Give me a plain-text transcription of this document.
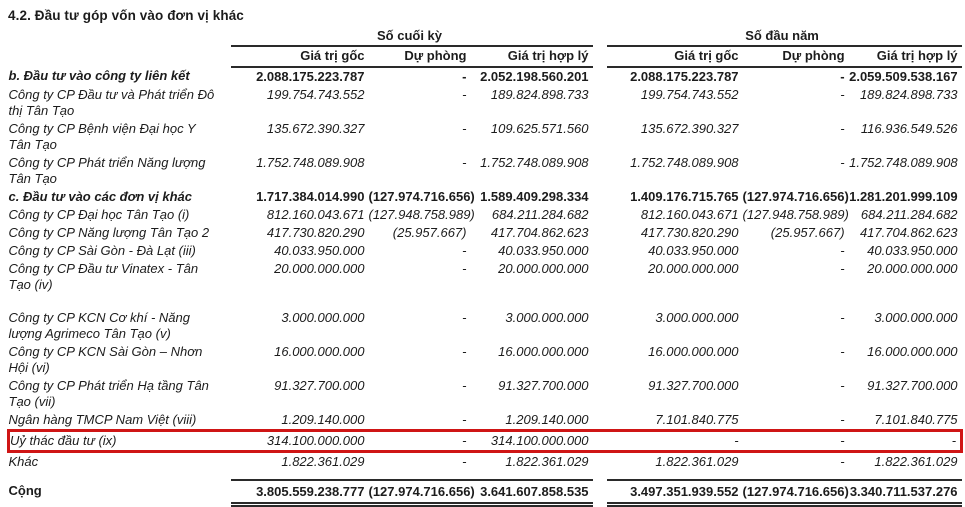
4.2. Đầu tư góp vốn vào đơn vị khác
	Số cuối kỳ				Số đầu năm		
	Giá trị gốc	Dự phòng	Giá trị hợp lý		Giá trị gốc	Dự phòng	Giá trị hợp lý
b. Đầu tư vào công ty liên kết	2.088.175.223.787	-	2.052.198.560.201		2.088.175.223.787	-	2.059.509.538.167
Công ty CP Đầu tư và Phát triển Đô thị Tân Tạo	199.754.743.552	-	189.824.898.733		199.754.743.552	-	189.824.898.733
Công ty CP Bệnh viện Đại học Y Tân Tạo	135.672.390.327	-	109.625.571.560		135.672.390.327	-	116.936.549.526
Công ty CP Phát triển Năng lượng Tân Tạo	1.752.748.089.908	-	1.752.748.089.908		1.752.748.089.908	-	1.752.748.089.908
c. Đầu tư vào các đơn vị khác	1.717.384.014.990	(127.974.716.656)	1.589.409.298.334		1.409.176.715.765	(127.974.716.656)	1.281.201.999.109
Công ty CP Đại học Tân Tạo (i)	812.160.043.671	(127.948.758.989)	684.211.284.682		812.160.043.671	(127.948.758.989)	684.211.284.682
Công ty CP Năng lượng Tân Tạo 2	417.730.820.290	(25.957.667)	417.704.862.623		417.730.820.290	(25.957.667)	417.704.862.623
Công ty CP Sài Gòn - Đà Lạt (iii)	40.033.950.000	-	40.033.950.000		40.033.950.000	-	40.033.950.000
Công ty CP Đầu tư Vinatex - Tân Tạo (iv)	20.000.000.000	-	20.000.000.000		20.000.000.000	-	20.000.000.000

Công ty CP KCN Cơ khí - Năng lượng Agrimeco Tân Tạo (v)	3.000.000.000	-	3.000.000.000		3.000.000.000	-	3.000.000.000
Công ty CP KCN Sài Gòn – Nhơn Hội (vi)	16.000.000.000	-	16.000.000.000		16.000.000.000	-	16.000.000.000
Công ty CP Phát triển Hạ tầng Tân Tạo (vii)	91.327.700.000	-	91.327.700.000		91.327.700.000	-	91.327.700.000
Ngân hàng TMCP Nam Việt (viii)	1.209.140.000	-	1.209.140.000		7.101.840.775	-	7.101.840.775
Uỷ thác đầu tư (ix)	314.100.000.000	-	314.100.000.000		-	-	-
Khác	1.822.361.029	-	1.822.361.029		1.822.361.029	-	1.822.361.029

Cộng	3.805.559.238.777	(127.974.716.656)	3.641.607.858.535		3.497.351.939.552	(127.974.716.656)	3.340.711.537.276
